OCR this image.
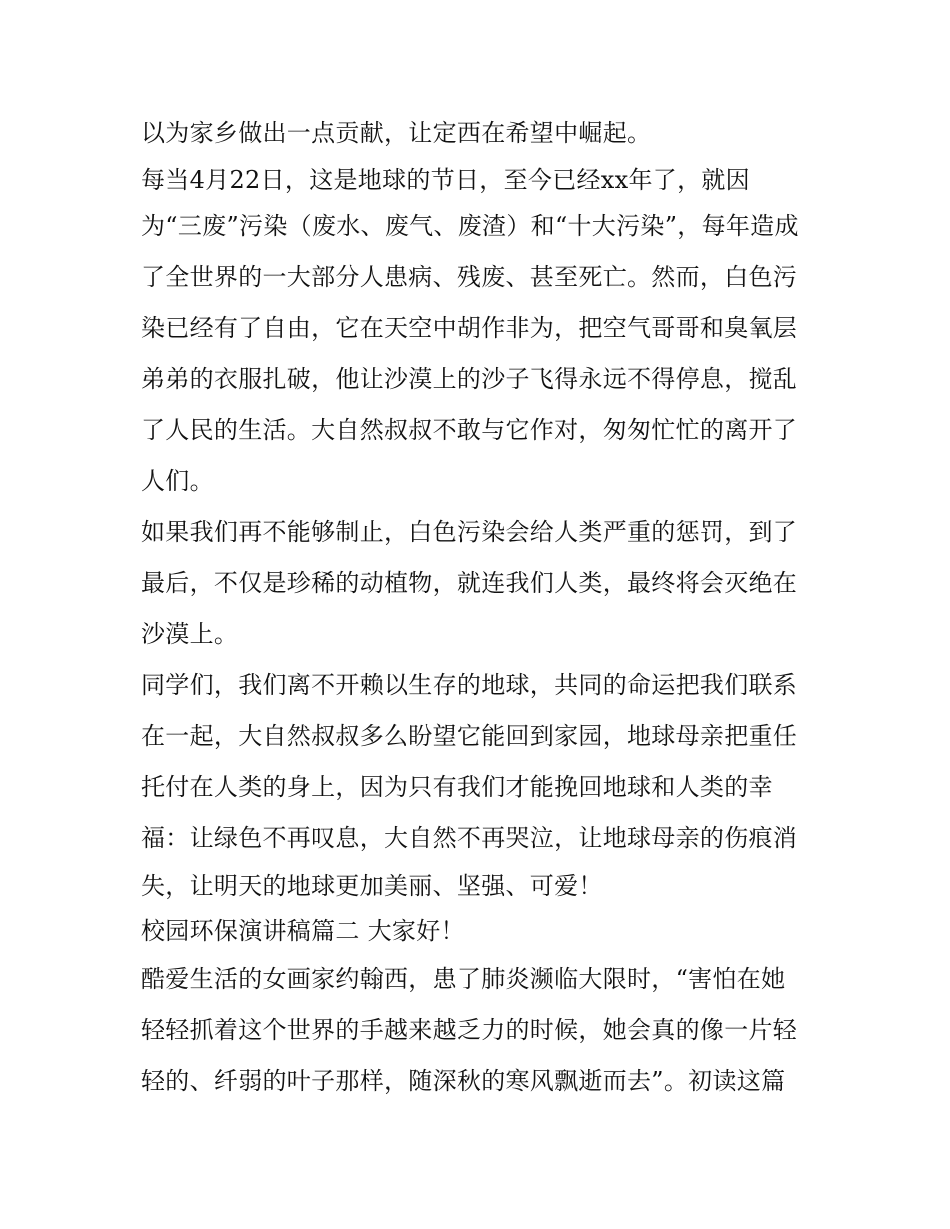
以为家乡做出一点贡献，让定西在希望中崛起。
每当4月22日，这是地球的节日，至今已经xx年了，就因
为“三废”污染（废水、废气、废渣）和“十大污染”，每年造成
了全世界的一大部分人患病、残废、甚至死亡。然而，白色污
染已经有了自由，它在天空中胡作非为，把空气哥哥和臭氧层
弟弟的衣服扎破，他让沙漠上的沙子飞得永远不得停息，搅乱
了人民的生活。大自然叔叔不敢与它作对，匆匆忙忙的离开了
人们。
如果我们再不能够制止，白色污染会给人类严重的惩罚，到了
最后，不仅是珍稀的动植物，就连我们人类，最终将会灭绝在
沙漠上。
同学们，我们离不开赖以生存的地球，共同的命运把我们联系
在一起，大自然叔叔多么盼望它能回到家园，地球母亲把重任
托付在人类的身上，因为只有我们才能挽回地球和人类的幸
福：让绿色不再叹息，大自然不再哭泣，让地球母亲的伤痕消
失，让明天的地球更加美丽、坚强、可爱！
校园环保演讲稿篇二 大家好！
酷爱生活的女画家约翰西，患了肺炎濒临大限时，“害怕在她
轻轻抓着这个世界的手越来越乏力的时候，她会真的像一片轻
轻的、纤弱的叶子那样，随深秋的寒风飘逝而去”。初读这篇
